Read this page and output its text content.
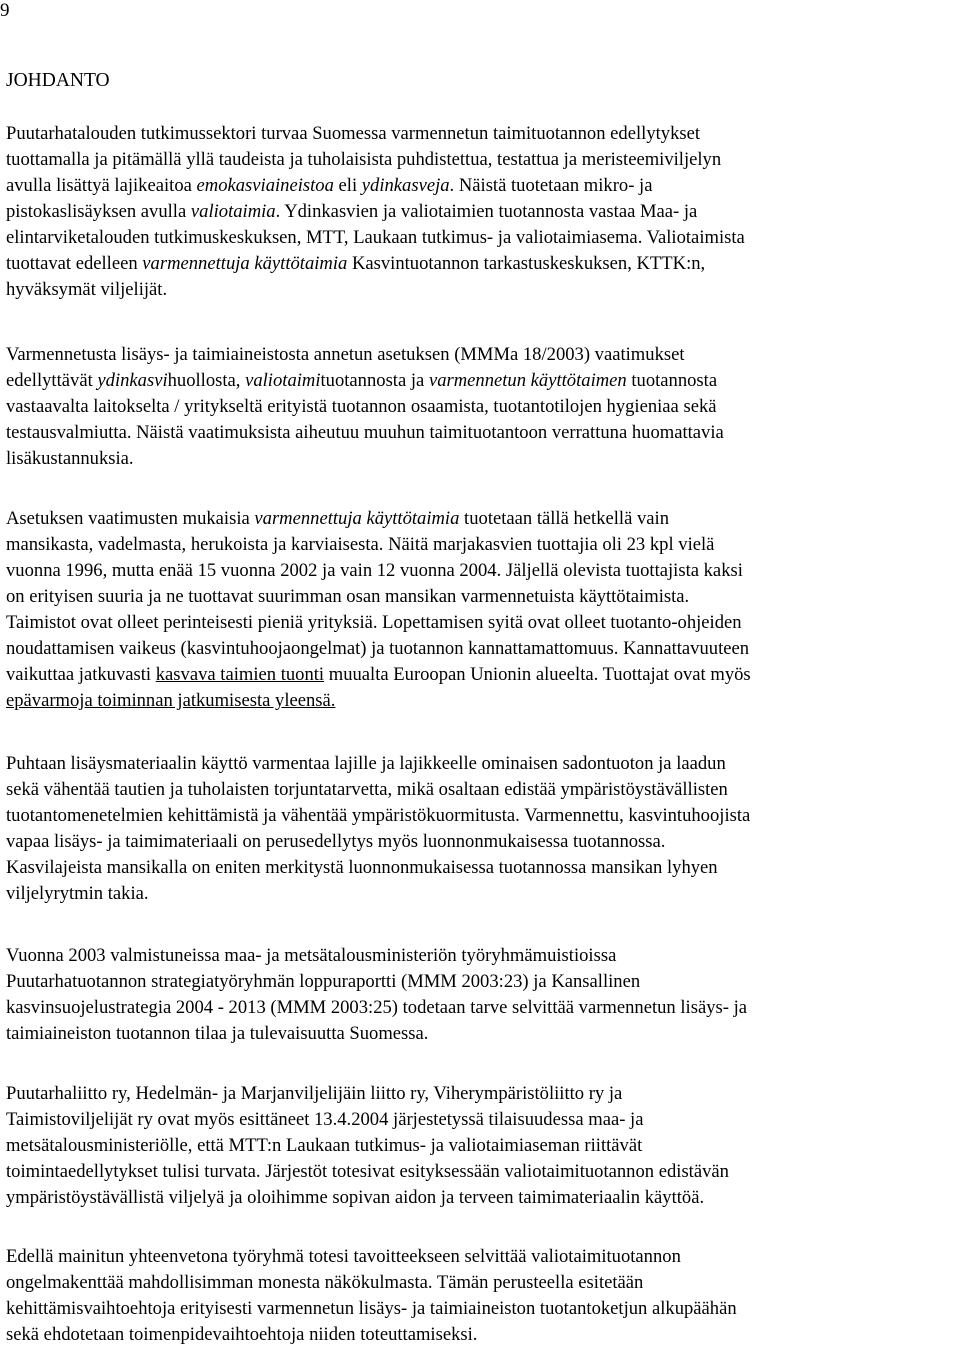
9
JOHDANTO

Puutarhatalouden tutkimussektori turvaa Suomessa varmennetun taimituotannon edellytykset
tuottamalla ja pitämällä yllä taudeista ja tuholaisista puhdistettua, testattua ja meristeemiviljelyn
avulla lisättyä lajikeaitoa emokasviaineistoa eli ydinkasveja. Näistä tuotetaan mikro- ja
pistokaslisäyksen avulla valiotaimia. Ydinkasvien ja valiotaimien tuotannosta vastaa Maa- ja
elintarviketalouden tutkimuskeskuksen, MTT, Laukaan tutkimus- ja valiotaimiasema. Valiotaimista
tuottavat edelleen varmennettuja käyttötaimia Kasvintuotannon tarkastuskeskuksen, KTTK:n,
hyväksymät viljelijät.

Varmennetusta lisäys- ja taimiaineistosta annetun asetuksen (MMMa 18/2003) vaatimukset
edellyttävät ydinkasvihuollosta, valiotaimituotannosta ja varmennetun käyttötaimen tuotannosta
vastaavalta laitokselta / yritykseltä erityistä tuotannon osaamista, tuotantotilojen hygieniaa sekä
testausvalmiutta. Näistä vaatimuksista aiheutuu muuhun taimituotantoon verrattuna huomattavia
lisäkustannuksia.

Asetuksen vaatimusten mukaisia varmennettuja käyttötaimia tuotetaan tällä hetkellä vain
mansikasta, vadelmasta, herukoista ja karviaisesta. Näitä marjakasvien tuottajia oli 23 kpl vielä
vuonna 1996, mutta enää 15 vuonna 2002 ja vain 12 vuonna 2004. Jäljellä olevista tuottajista kaksi
on erityisen suuria ja ne tuottavat suurimman osan mansikan varmennetuista käyttötaimista.
Taimistot ovat olleet perinteisesti pieniä yrityksiä. Lopettamisen syitä ovat olleet tuotanto-ohjeiden
noudattamisen vaikeus (kasvintuhoojaongelmat) ja tuotannon kannattamattomuus. Kannattavuuteen
vaikuttaa jatkuvasti kasvava taimien tuonti muualta Euroopan Unionin alueelta. Tuottajat ovat myös
epävarmoja toiminnan jatkumisesta yleensä.

Puhtaan lisäysmateriaalin käyttö varmentaa lajille ja lajikkeelle ominaisen sadontuoton ja laadun
sekä vähentää tautien ja tuholaisten torjuntatarvetta, mikä osaltaan edistää ympäristöystävällisten
tuotantomenetelmien kehittämistä ja vähentää ympäristökuormitusta. Varmennettu, kasvintuhoojista
vapaa lisäys- ja taimimateriaali on perusedellytys myös luonnonmukaisessa tuotannossa.
Kasvilajeista mansikalla on eniten merkitystä luonnonmukaisessa tuotannossa mansikan lyhyen
viljelyrytmin takia.

Vuonna 2003 valmistuneissa maa- ja metsätalousministeriön työryhmämuistioissa
Puutarhatuotannon strategiatyöryhmän loppuraportti (MMM 2003:23) ja Kansallinen
kasvinsuojelustrategia 2004 - 2013 (MMM 2003:25) todetaan tarve selvittää varmennetun lisäys- ja
taimiaineiston tuotannon tilaa ja tulevaisuutta Suomessa.

Puutarhaliitto ry, Hedelmän- ja Marjanviljelijäin liitto ry, Viherympäristöliitto ry ja
Taimistoviljelijät ry ovat myös esittäneet 13.4.2004 järjestetyssä tilaisuudessa maa- ja
metsätalousministeriölle, että MTT:n Laukaan tutkimus- ja valiotaimiaseman riittävät
toimintaedellytykset tulisi turvata. Järjestöt totesivat esityksessään valiotaimituotannon edistävän
ympäristöystävällistä viljelyä ja oloihimme sopivan aidon ja terveen taimimateriaalin käyttöä.

Edellä mainitun yhteenvetona työryhmä totesi tavoitteekseen selvittää valiotaimituotannon
ongelmakenttää mahdollisimman monesta näkökulmasta. Tämän perusteella esitetään
kehittämisvaihtoehtoja erityisesti varmennetun lisäys- ja taimiaineiston tuotantoketjun alkupäähän
sekä ehdotetaan toimenpidevaihtoehtoja niiden toteuttamiseksi.
